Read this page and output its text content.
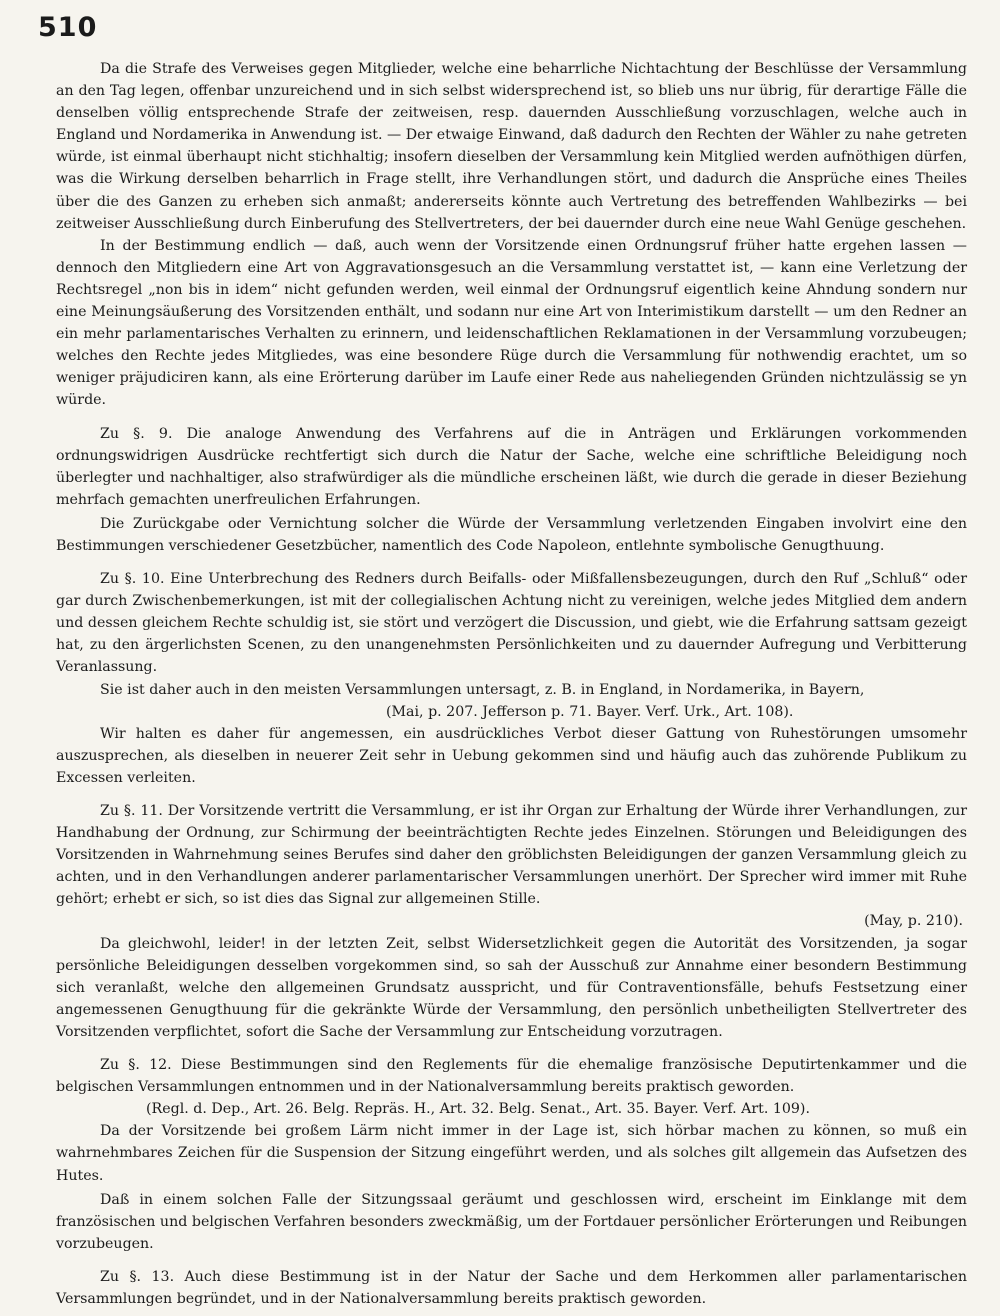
510

Da die Strafe des Verweises gegen Mitglieder, welche eine beharrliche Nichtachtung der Beschlüsse der Versammlung an den Tag legen, offenbar unzureichend und in sich selbst widersprechend ist, so blieb uns nur übrig, für derartige Fälle die denselben völlig entsprechende Strafe der zeitweisen, resp. dauernden Ausschließung vorzuschlagen, welche auch in England und Nordamerika in Anwendung ist. — Der etwaige Einwand, daß dadurch den Rechten der Wähler zu nahe getreten würde, ist einmal überhaupt nicht stichhaltig; insofern dieselben der Versammlung kein Mitglied werden aufnöthigen dürfen, was die Wirkung derselben beharrlich in Frage stellt, ihre Verhandlungen stört, und dadurch die Ansprüche eines Theiles über die des Ganzen zu erheben sich anmaßt; andererseits könnte auch Vertretung des betreffenden Wahlbezirks — bei zeitweiser Ausschließung durch Einberufung des Stellvertreters, der bei dauernder durch eine neue Wahl Genüge geschehen.

In der Bestimmung endlich — daß, auch wenn der Vorsitzende einen Ordnungsruf früher hatte ergehen lassen — dennoch den Mitgliedern eine Art von Aggravationsgesuch an die Versammlung verstattet ist, — kann eine Verletzung der Rechtsregel „non bis in idem“ nicht gefunden werden, weil einmal der Ordnungsruf eigentlich keine Ahndung sondern nur eine Meinungsäußerung des Vorsitzenden enthält, und sodann nur eine Art von Interimistikum darstellt — um den Redner an ein mehr parlamentarisches Verhalten zu erinnern, und leidenschaftlichen Reklamationen in der Versammlung vorzubeugen; welches den Rechte jedes Mitgliedes, was eine besondere Rüge durch die Versammlung für nothwendig erachtet, um so weniger präjudiciren kann, als eine Erörterung darüber im Laufe einer Rede aus naheliegenden Gründen nichtzulässig se yn würde.

Zu §. 9. Die analoge Anwendung des Verfahrens auf die in Anträgen und Erklärungen vorkommenden ordnungswidrigen Ausdrücke rechtfertigt sich durch die Natur der Sache, welche eine schriftliche Beleidigung noch überlegter und nachhaltiger, also strafwürdiger als die mündliche erscheinen läßt, wie durch die gerade in dieser Beziehung mehrfach gemachten unerfreulichen Erfahrungen.

Die Zurückgabe oder Vernichtung solcher die Würde der Versammlung verletzenden Eingaben involvirt eine den Bestimmungen verschiedener Gesetzbücher, namentlich des Code Napoleon, entlehnte symbolische Genugthuung.

Zu §. 10. Eine Unterbrechung des Redners durch Beifalls- oder Mißfallensbezeugungen, durch den Ruf „Schluß“ oder gar durch Zwischenbemerkungen, ist mit der collegialischen Achtung nicht zu vereinigen, welche jedes Mitglied dem andern und dessen gleichem Rechte schuldig ist, sie stört und verzögert die Discussion, und giebt, wie die Erfahrung sattsam gezeigt hat, zu den ärgerlichsten Scenen, zu den unangenehmsten Persönlichkeiten und zu dauernder Aufregung und Verbitterung Veranlassung.

Sie ist daher auch in den meisten Versammlungen untersagt, z. B. in England, in Nordamerika, in Bayern,

(Mai, p. 207. Jefferson p. 71. Bayer. Verf. Urk., Art. 108).

Wir halten es daher für angemessen, ein ausdrückliches Verbot dieser Gattung von Ruhestörungen umsomehr auszusprechen, als dieselben in neuerer Zeit sehr in Uebung gekommen sind und häufig auch das zuhörende Publikum zu Excessen verleiten.

Zu §. 11. Der Vorsitzende vertritt die Versammlung, er ist ihr Organ zur Erhaltung der Würde ihrer Verhandlungen, zur Handhabung der Ordnung, zur Schirmung der beeinträchtigten Rechte jedes Einzelnen. Störungen und Beleidigungen des Vorsitzenden in Wahrnehmung seines Berufes sind daher den gröblichsten Beleidigungen der ganzen Versammlung gleich zu achten, und in den Verhandlungen anderer parlamentarischer Versammlungen unerhört. Der Sprecher wird immer mit Ruhe gehört; erhebt er sich, so ist dies das Signal zur allgemeinen Stille.

(May, p. 210).

Da gleichwohl, leider! in der letzten Zeit, selbst Widersetzlichkeit gegen die Autorität des Vorsitzenden, ja sogar persönliche Beleidigungen desselben vorgekommen sind, so sah der Ausschuß zur Annahme einer besondern Bestimmung sich veranlaßt, welche den allgemeinen Grundsatz ausspricht, und für Contraventionsfälle, behufs Festsetzung einer angemessenen Genugthuung für die gekränkte Würde der Versammlung, den persönlich unbetheiligten Stellvertreter des Vorsitzenden verpflichtet, sofort die Sache der Versammlung zur Entscheidung vorzutragen.

Zu §. 12. Diese Bestimmungen sind den Reglements für die ehemalige französische Deputirtenkammer und die belgischen Versammlungen entnommen und in der Nationalversammlung bereits praktisch geworden.

(Regl. d. Dep., Art. 26. Belg. Repräs. H., Art. 32. Belg. Senat., Art. 35. Bayer. Verf. Art. 109).

Da der Vorsitzende bei großem Lärm nicht immer in der Lage ist, sich hörbar machen zu können, so muß ein wahrnehmbares Zeichen für die Suspension der Sitzung eingeführt werden, und als solches gilt allgemein das Aufsetzen des Hutes.

Daß in einem solchen Falle der Sitzungssaal geräumt und geschlossen wird, erscheint im Einklange mit dem französischen und belgischen Verfahren besonders zweckmäßig, um der Fortdauer persönlicher Erörterungen und Reibungen vorzubeugen.

Zu §. 13. Auch diese Bestimmung ist in der Natur der Sache und dem Herkommen aller parlamentarischen Versammlungen begründet, und in der Nationalversammlung bereits praktisch geworden.
